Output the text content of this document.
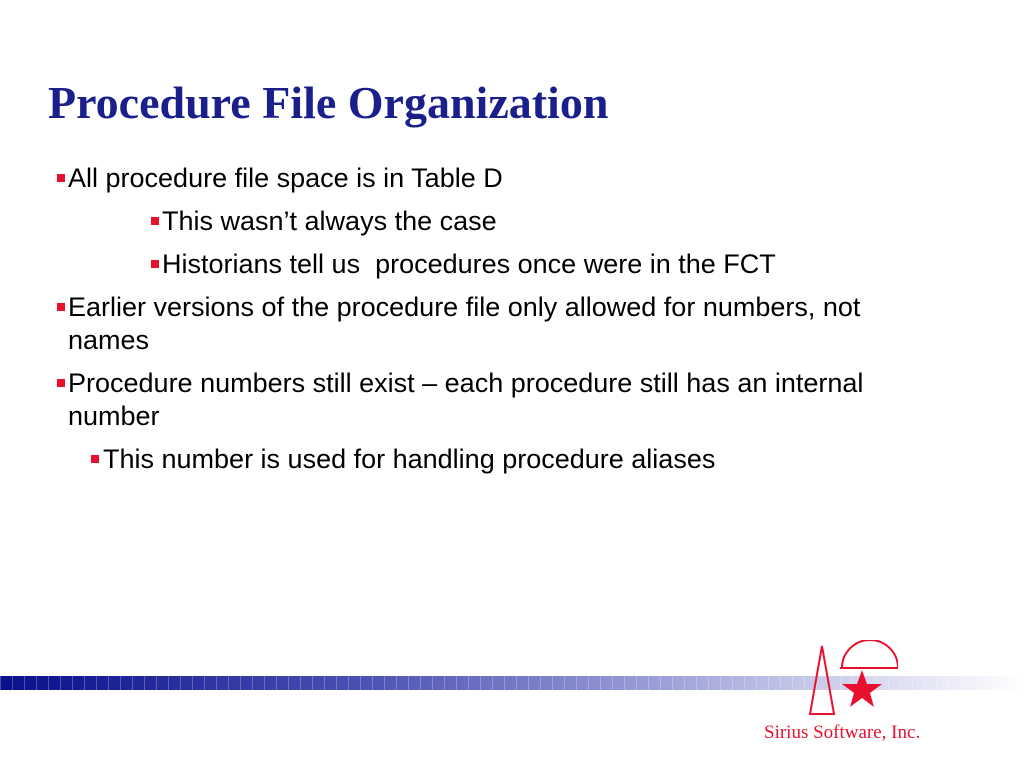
Procedure File Organization
All procedure file space is in Table D
This wasn’t always the case
Historians tell us  procedures once were in the FCT
Earlier versions of the procedure file only allowed for numbers, not names
Procedure numbers still exist – each procedure still has an internal number
This number is used for handling procedure aliases
Sirius Software, Inc.
